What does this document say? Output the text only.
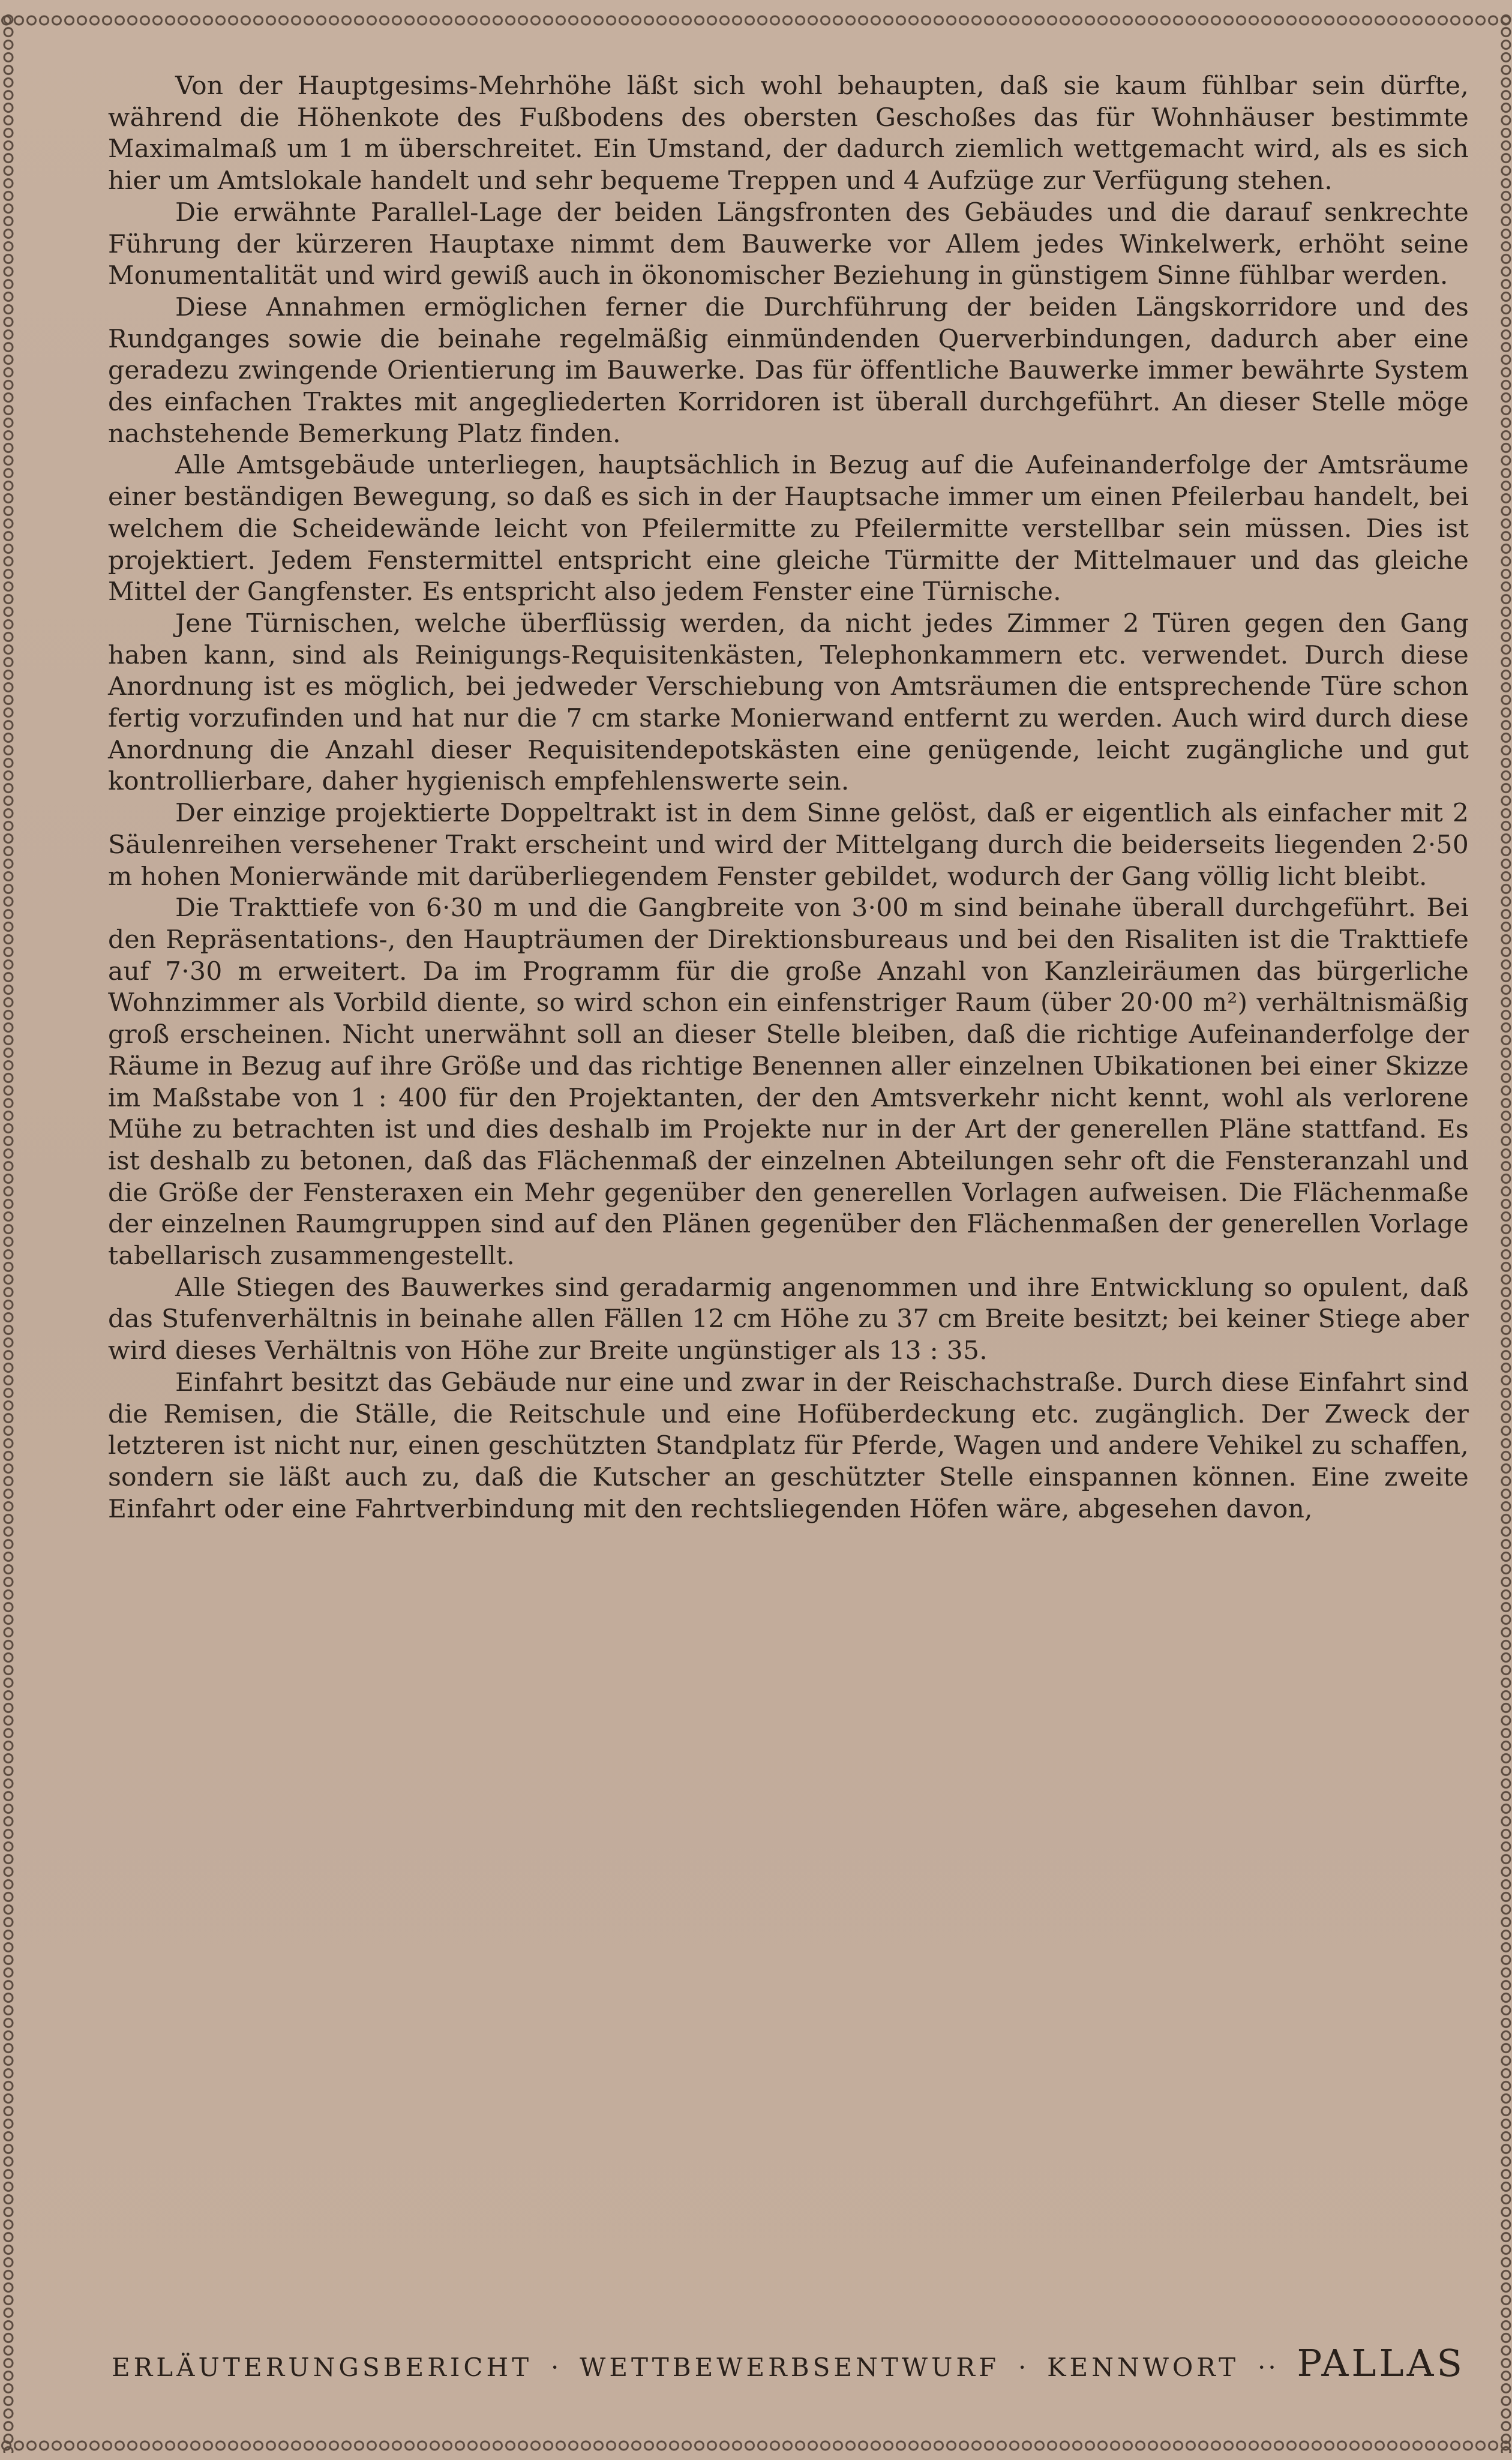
Von der Hauptgesims-Mehrhöhe läßt sich wohl behaupten, daß sie kaum fühlbar sein dürfte, während die Höhenkote des Fußbodens des obersten Geschoßes das für Wohnhäuser bestimmte Maximalmaß um 1 m überschreitet. Ein Umstand, der dadurch ziemlich wettgemacht wird, als es sich hier um Amtslokale handelt und sehr bequeme Treppen und 4 Aufzüge zur Verfügung stehen.

Die erwähnte Parallel-Lage der beiden Längsfronten des Gebäudes und die darauf senkrechte Führung der kürzeren Hauptaxe nimmt dem Bauwerke vor Allem jedes Winkelwerk, erhöht seine Monumentalität und wird gewiß auch in ökonomischer Beziehung in günstigem Sinne fühlbar werden.

Diese Annahmen ermöglichen ferner die Durchführung der beiden Längskorridore und des Rundganges sowie die beinahe regelmäßig einmündenden Querverbindungen, dadurch aber eine geradezu zwingende Orientierung im Bauwerke. Das für öffentliche Bauwerke immer bewährte System des einfachen Traktes mit angegliederten Korridoren ist überall durchgeführt. An dieser Stelle möge nachstehende Bemerkung Platz finden.

Alle Amtsgebäude unterliegen, hauptsächlich in Bezug auf die Aufeinanderfolge der Amtsräume einer beständigen Bewegung, so daß es sich in der Hauptsache immer um einen Pfeilerbau handelt, bei welchem die Scheidewände leicht von Pfeilermitte zu Pfeilermitte verstellbar sein müssen. Dies ist projektiert. Jedem Fenstermittel entspricht eine gleiche Türmitte der Mittelmauer und das gleiche Mittel der Gangfenster. Es entspricht also jedem Fenster eine Türnische.

Jene Türnischen, welche überflüssig werden, da nicht jedes Zimmer 2 Türen gegen den Gang haben kann, sind als Reinigungs-Requisitenkästen, Telephonkammern etc. verwendet. Durch diese Anordnung ist es möglich, bei jedweder Verschiebung von Amtsräumen die entsprechende Türe schon fertig vorzufinden und hat nur die 7 cm starke Monierwand entfernt zu werden. Auch wird durch diese Anordnung die Anzahl dieser Requisitendepotskästen eine genügende, leicht zugängliche und gut kontrollierbare, daher hygienisch empfehlenswerte sein.

Der einzige projektierte Doppeltrakt ist in dem Sinne gelöst, daß er eigentlich als einfacher mit 2 Säulenreihen versehener Trakt erscheint und wird der Mittelgang durch die beiderseits liegenden 2·50 m hohen Monierwände mit darüberliegendem Fenster gebildet, wodurch der Gang völlig licht bleibt.

Die Trakttiefe von 6·30 m und die Gangbreite von 3·00 m sind beinahe überall durchgeführt. Bei den Repräsentations-, den Haupträumen der Direktionsbureaus und bei den Risaliten ist die Trakttiefe auf 7·30 m erweitert. Da im Programm für die große Anzahl von Kanzleiräumen das bürgerliche Wohnzimmer als Vorbild diente, so wird schon ein einfenstriger Raum (über 20·00 m²) verhältnismäßig groß erscheinen. Nicht unerwähnt soll an dieser Stelle bleiben, daß die richtige Aufeinanderfolge der Räume in Bezug auf ihre Größe und das richtige Benennen aller einzelnen Ubikationen bei einer Skizze im Maßstabe von 1 : 400 für den Projektanten, der den Amtsverkehr nicht kennt, wohl als verlorene Mühe zu betrachten ist und dies deshalb im Projekte nur in der Art der generellen Pläne stattfand. Es ist deshalb zu betonen, daß das Flächenmaß der einzelnen Abteilungen sehr oft die Fensteranzahl und die Größe der Fensteraxen ein Mehr gegenüber den generellen Vorlagen aufweisen. Die Flächenmaße der einzelnen Raumgruppen sind auf den Plänen gegenüber den Flächenmaßen der generellen Vorlage tabellarisch zusammengestellt.

Alle Stiegen des Bauwerkes sind geradarmig angenommen und ihre Entwicklung so opulent, daß das Stufenverhältnis in beinahe allen Fällen 12 cm Höhe zu 37 cm Breite besitzt; bei keiner Stiege aber wird dieses Verhältnis von Höhe zur Breite ungünstiger als 13 : 35.

Einfahrt besitzt das Gebäude nur eine und zwar in der Reischachstraße. Durch diese Einfahrt sind die Remisen, die Ställe, die Reitschule und eine Hofüberdeckung etc. zugänglich. Der Zweck der letzteren ist nicht nur, einen geschützten Standplatz für Pferde, Wagen und andere Vehikel zu schaffen, sondern sie läßt auch zu, daß die Kutscher an geschützter Stelle einspannen können. Eine zweite Einfahrt oder eine Fahrtverbindung mit den rechtsliegenden Höfen wäre, abgesehen davon,

ERLÄUTERUNGSBERICHT · WETTBEWERBSENTWURF · KENNWORT ·· PALLAS
